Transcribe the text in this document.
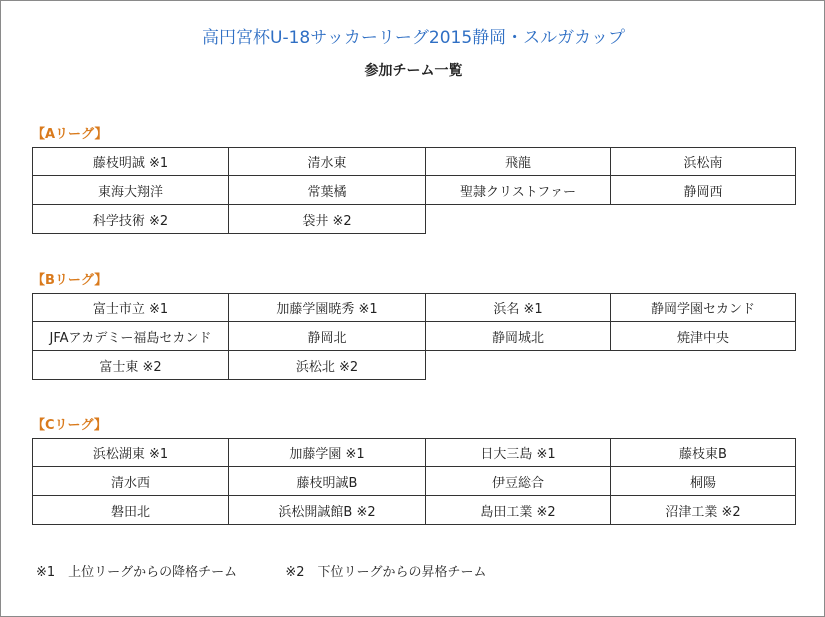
高円宮杯U-18サッカーリーグ2015静岡・スルガカップ
参加チーム一覧
【Aリーグ】
藤枝明誠 ※1	清水東	飛龍	浜松南
東海大翔洋	常葉橘	聖隷クリストファー	静岡西
科学技術 ※2	袋井 ※2
【Bリーグ】
富士市立 ※1	加藤学園暁秀 ※1	浜名 ※1	静岡学園セカンド
JFAアカデミー福島セカンド	静岡北	静岡城北	焼津中央
富士東 ※2	浜松北 ※2
【Cリーグ】
浜松湖東 ※1	加藤学園 ※1	日大三島 ※1	藤枝東B
清水西	藤枝明誠B	伊豆総合	桐陽
磐田北	浜松開誠館B ※2	島田工業 ※2	沼津工業 ※2
※1　上位リーグからの降格チーム	※2　下位リーグからの昇格チーム
